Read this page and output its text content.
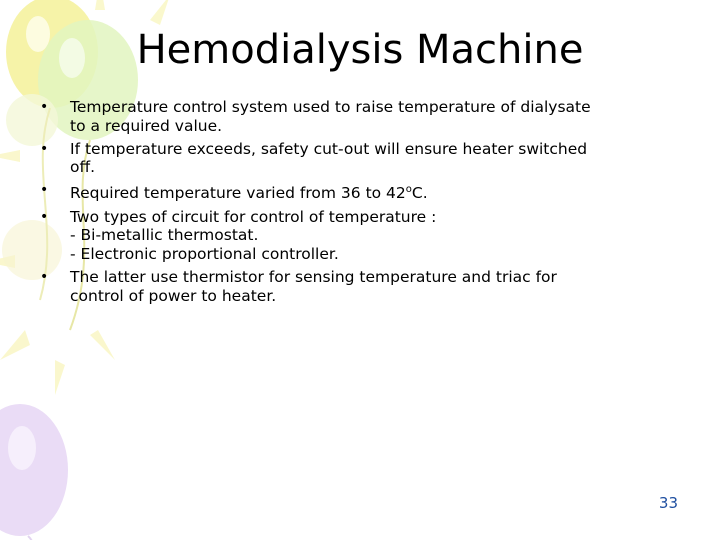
Hemodialysis Machine
• Temperature control system used to raise temperature of dialysate
to a required value.
• If temperature exceeds, safety cut-out will ensure heater switched
off.
• Required temperature varied from 36 to 42$^o$C.
• Two types of circuit for control of temperature :
- Bi-metallic thermostat.
- Electronic proportional controller.
• The latter use thermistor for sensing temperature and triac for
control of power to heater.
33
